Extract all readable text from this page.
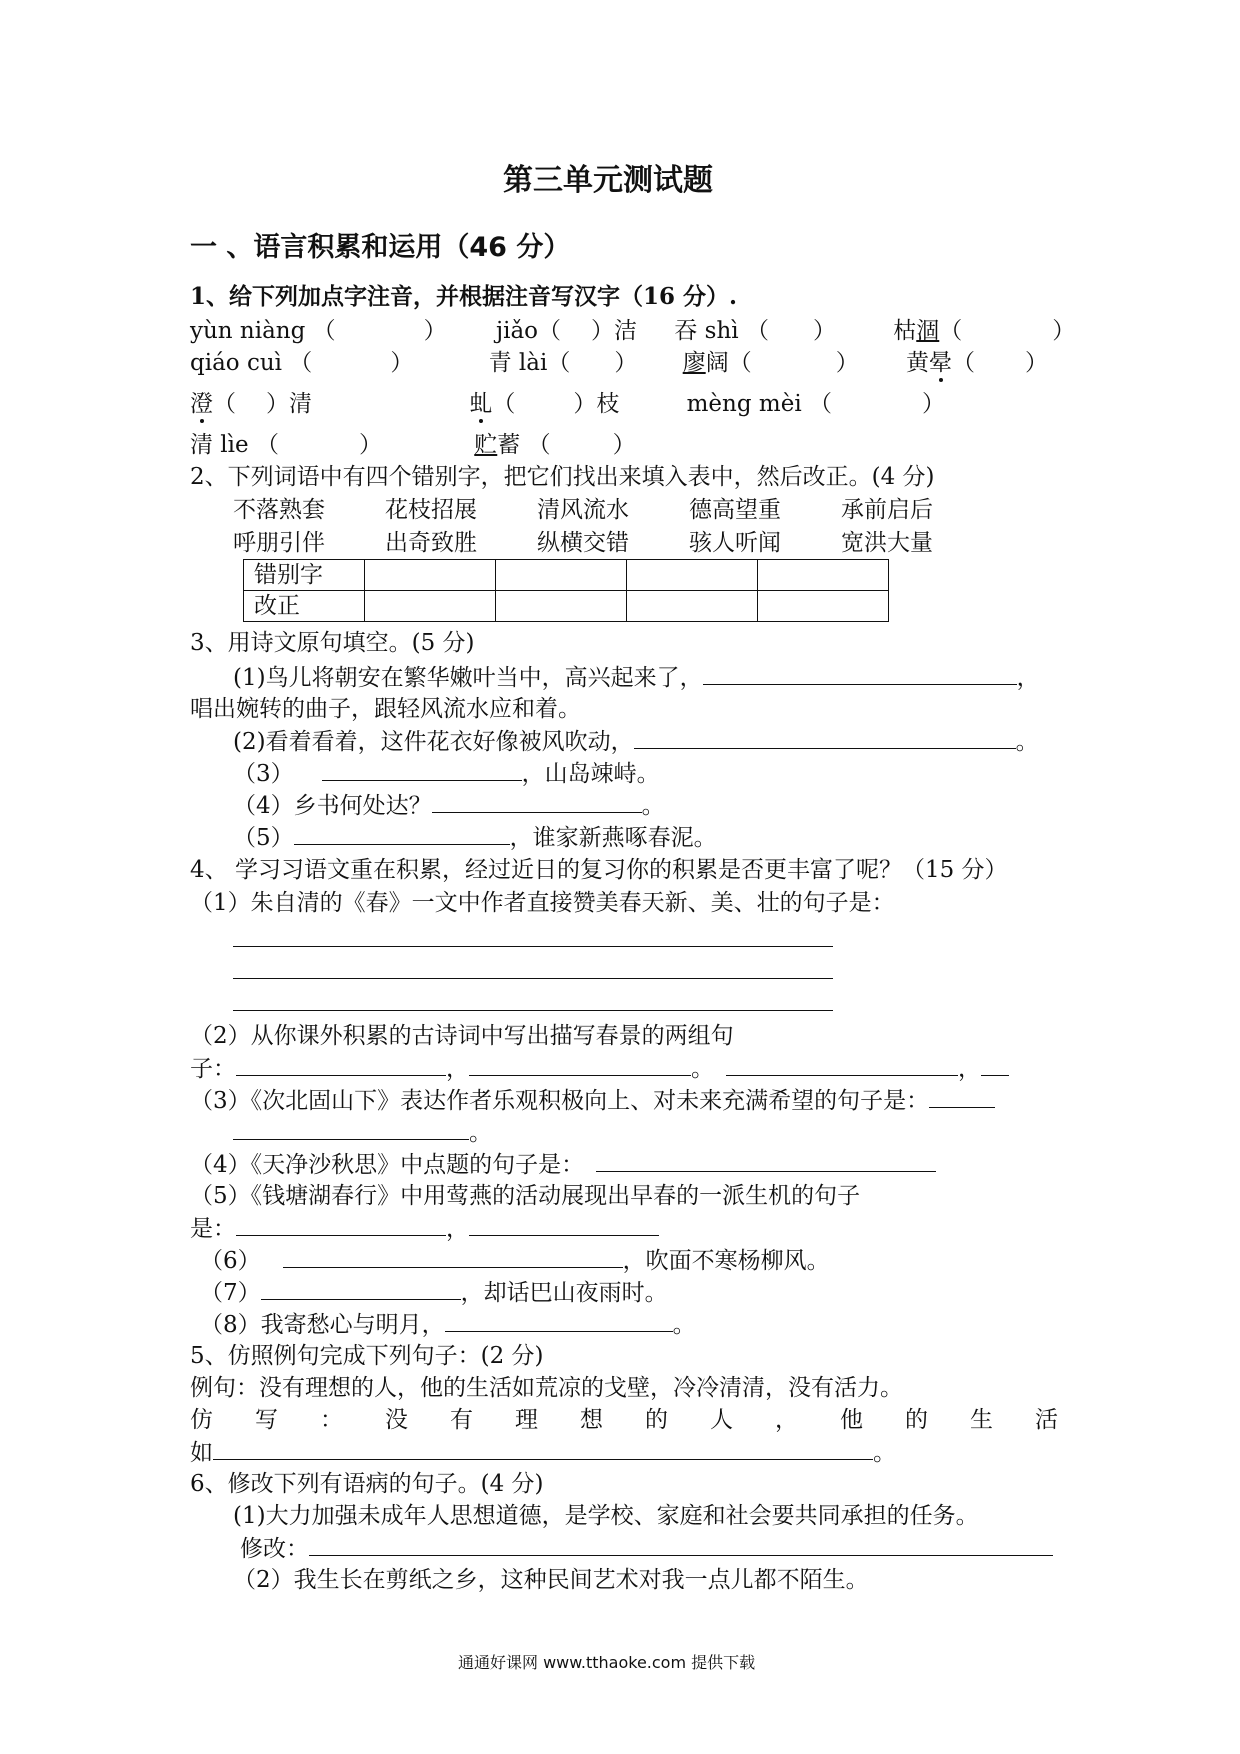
第三单元测试题
一 、语言积累和运用（46 分）
1、给下列加点字注音，并根据注音写汉字（16 分）.
yùn niàng （	） jiǎo（ ）洁 吞 shì （ ） 枯涸（	）
qiáo cuì （	）	青 lài（ ） 廖阔（	） 黄晕（ ）
澄（ ）清	虬（	）枝	mèng mèi （	）
清 lìe （	）	贮蓄 （	）
2、下列词语中有四个错别字，把它们找出来填入表中，然后改正。(4 分)
不落熟套	花枝招展	清风流水	德高望重	承前启后
呼朋引伴	出奇致胜	纵横交错	骇人听闻	宽洪大量
错别字				
改正				
3、用诗文原句填空。(5 分)
(1)鸟儿将朝安在繁华嫩叶当中，高兴起来了，	，
唱出婉转的曲子，跟轻风流水应和着。
(2)看着看着，这件花衣好像被风吹动，	。
（3）	，山岛竦峙。
（4）乡书何处达？	。
（5）	，谁家新燕啄春泥。
4、 学习习语文重在积累，经过近日的复习你的积累是否更丰富了呢？（15 分）
（1）朱自清的《春》一文中作者直接赞美春天新、美、壮的句子是：
（2）从你课外积累的古诗词中写出描写春景的两组句
子：	，	。	，
（3）《次北固山下》表达作者乐观积极向上、对未来充满希望的句子是：
。
（4）《天净沙秋思》中点题的句子是：
（5）《钱塘湖春行》中用莺燕的活动展现出早春的一派生机的句子
是：	，
（6）	，吹面不寒杨柳风。
（7）	，却话巴山夜雨时。
（8）我寄愁心与明月，	。
5、仿照例句完成下列句子：(2 分)
例句：没有理想的人，他的生活如荒凉的戈壁，冷冷清清，没有活力。
仿 写 ： 没 有 理 想 的 人 ， 他 的 生 活
如	。
6、修改下列有语病的句子。(4 分)
(1)大力加强未成年人思想道德，是学校、家庭和社会要共同承担的任务。
修改：
（2）我生长在剪纸之乡，这种民间艺术对我一点儿都不陌生。
通通好课网 www.tthaoke.com 提供下载
